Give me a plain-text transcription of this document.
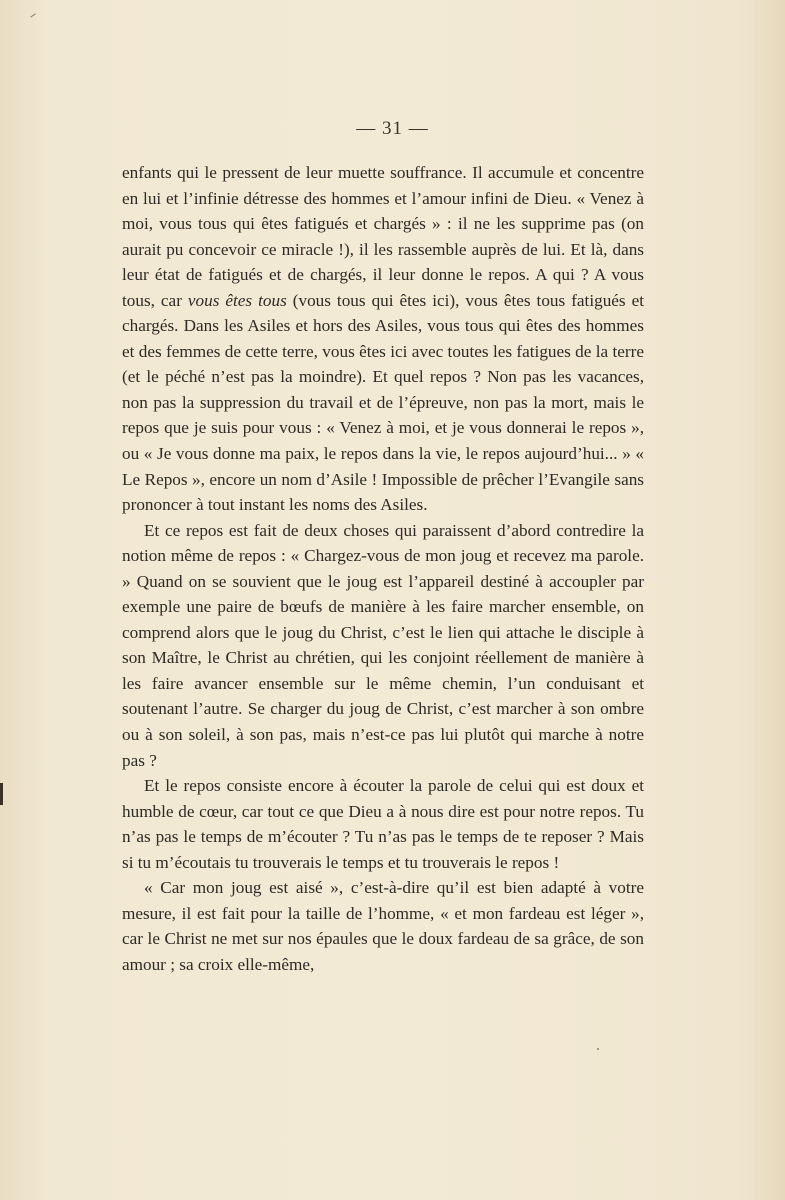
— 31 —

enfants qui le pressent de leur muette souffrance. Il accumule et concentre en lui et l’infinie détresse des hommes et l’amour infini de Dieu. « Venez à moi, vous tous qui êtes fatigués et chargés » : il ne les supprime pas (on aurait pu concevoir ce miracle !), il les rassemble auprès de lui. Et là, dans leur état de fatigués et de chargés, il leur donne le repos. A qui ? A vous tous, car vous êtes tous (vous tous qui êtes ici), vous êtes tous fatigués et chargés. Dans les Asiles et hors des Asiles, vous tous qui êtes des hommes et des femmes de cette terre, vous êtes ici avec toutes les fatigues de la terre (et le péché n’est pas la moindre). Et quel repos ? Non pas les vacances, non pas la suppression du travail et de l’épreuve, non pas la mort, mais le repos que je suis pour vous : « Venez à moi, et je vous donnerai le repos », ou « Je vous donne ma paix, le repos dans la vie, le repos aujourd’hui... » « Le Repos », encore un nom d’Asile ! Impossible de prêcher l’Evangile sans prononcer à tout instant les noms des Asiles.

Et ce repos est fait de deux choses qui paraissent d’abord contredire la notion même de repos : « Chargez-vous de mon joug et recevez ma parole. » Quand on se souvient que le joug est l’appareil destiné à accoupler par exemple une paire de bœufs de manière à les faire marcher ensemble, on comprend alors que le joug du Christ, c’est le lien qui attache le disciple à son Maître, le Christ au chrétien, qui les conjoint réellement de manière à les faire avancer ensemble sur le même chemin, l’un conduisant et soutenant l’autre. Se charger du joug de Christ, c’est marcher à son ombre ou à son soleil, à son pas, mais n’est-ce pas lui plutôt qui marche à notre pas ?

Et le repos consiste encore à écouter la parole de celui qui est doux et humble de cœur, car tout ce que Dieu a à nous dire est pour notre repos. Tu n’as pas le temps de m’écouter ? Tu n’as pas le temps de te reposer ? Mais si tu m’écoutais tu trouverais le temps et tu trouverais le repos !

« Car mon joug est aisé », c’est-à-dire qu’il est bien adapté à votre mesure, il est fait pour la taille de l’homme, « et mon fardeau est léger », car le Christ ne met sur nos épaules que le doux fardeau de sa grâce, de son amour ; sa croix elle-même,
